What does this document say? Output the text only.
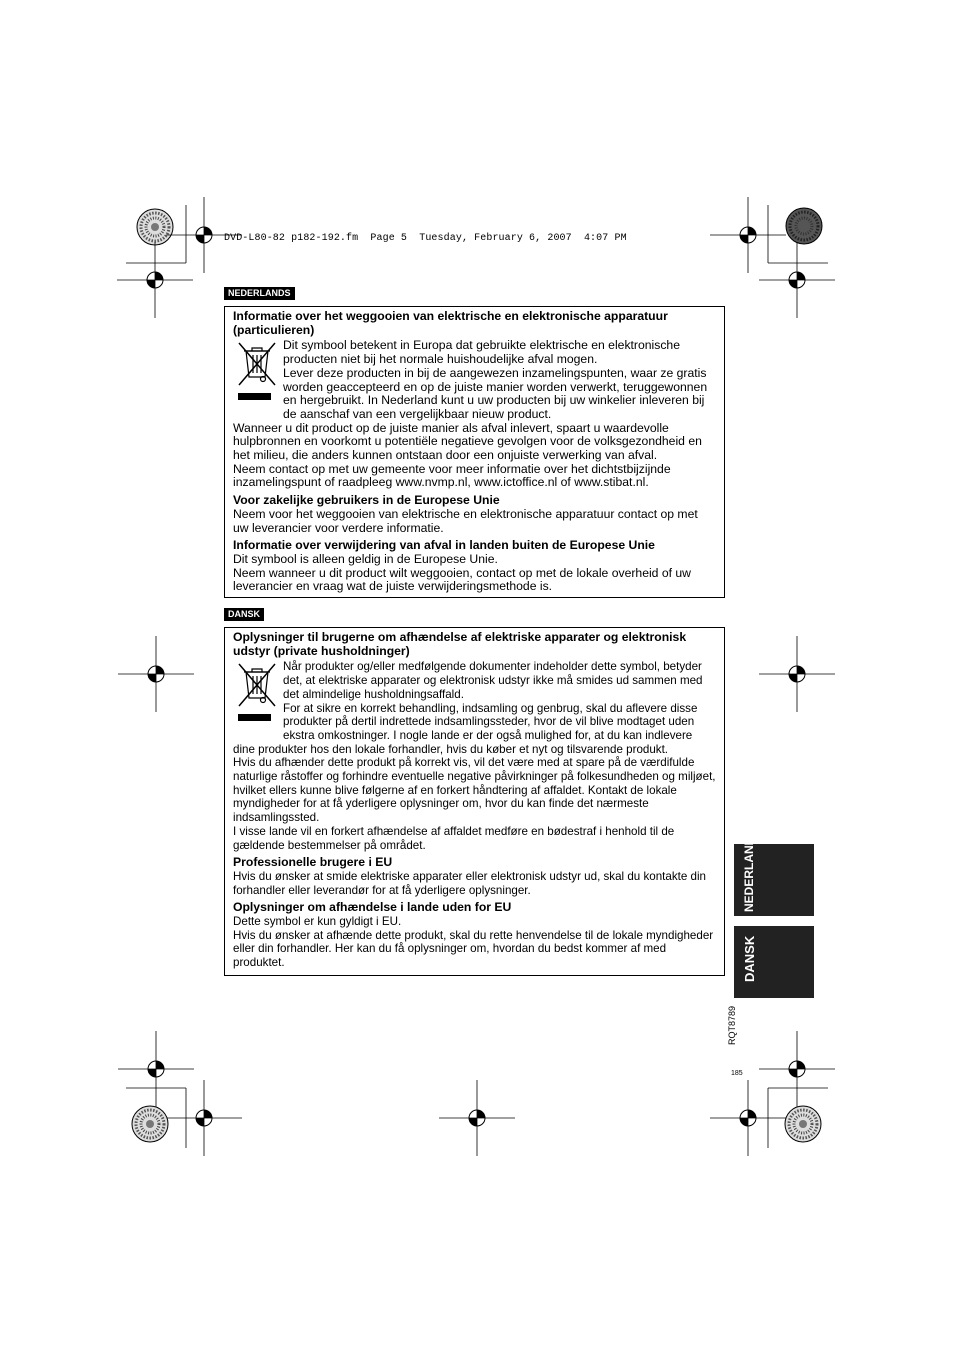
DVD-L80-82 p182-192.fm  Page 5  Tuesday, February 6, 2007  4:07 PM
NEDERLANDS
Informatie over het weggooien van elektrische en elektronische apparatuur (particulieren)

Dit symbool betekent in Europa dat gebruikte elektrische en elektronische producten niet bij het normale huishoudelijke afval mogen.

Lever deze producten in bij de aangewezen inzamelingspunten, waar ze gratis worden geaccepteerd en op de juiste manier worden verwerkt, teruggewonnen en hergebruikt. In Nederland kunt u uw producten bij uw winkelier inleveren bij de aanschaf van een vergelijkbaar nieuw product.

Wanneer u dit product op de juiste manier als afval inlevert, spaart u waardevolle hulpbronnen en voorkomt u potentiële negatieve gevolgen voor de volksgezondheid en het milieu, die anders kunnen ontstaan door een onjuiste verwerking van afval.

Neem contact op met uw gemeente voor meer informatie over het dichtstbijzijnde inzamelingspunt of raadpleeg www.nvmp.nl, www.ictoffice.nl of www.stibat.nl.

Voor zakelijke gebruikers in de Europese Unie

Neem voor het weggooien van elektrische en elektronische apparatuur contact op met uw leverancier voor verdere informatie.

Informatie over verwijdering van afval in landen buiten de Europese Unie

Dit symbool is alleen geldig in de Europese Unie.

Neem wanneer u dit product wilt weggooien, contact op met de lokale overheid of uw leverancier en vraag wat de juiste verwijderingsmethode is.

DANSK
Oplysninger til brugerne om afhændelse af elektriske apparater og elektronisk udstyr (private husholdninger)

Når produkter og/eller medfølgende dokumenter indeholder dette symbol, betyder det, at elektriske apparater og elektronisk udstyr ikke må smides ud sammen med det almindelige husholdningsaffald.

For at sikre en korrekt behandling, indsamling og genbrug, skal du aflevere disse produkter på dertil indrettede indsamlingssteder, hvor de vil blive modtaget uden ekstra omkostninger. I nogle lande er der også mulighed for, at du kan indlevere dine produkter hos den lokale forhandler, hvis du køber et nyt og tilsvarende produkt.

Hvis du afhænder dette produkt på korrekt vis, vil det være med at spare på de værdifulde naturlige råstoffer og forhindre eventuelle negative påvirkninger på folkesundheden og miljøet, hvilket ellers kunne blive følgerne af en forkert håndtering af affaldet. Kontakt de lokale myndigheder for at få yderligere oplysninger om, hvor du kan finde det nærmeste indsamlingssted.

I visse lande vil en forkert afhændelse af affaldet medføre en bødestraf i henhold til de gældende bestemmelser på området.

Professionelle brugere i EU

Hvis du ønsker at smide elektriske apparater eller elektronisk udstyr ud, skal du kontakte din forhandler eller leverandør for at få yderligere oplysninger.

Oplysninger om afhændelse i lande uden for EU

Dette symbol er kun gyldigt i EU.

Hvis du ønsker at afhænde dette produkt, skal du rette henvendelse til de lokale myndigheder eller din forhandler. Her kan du få oplysninger om, hvordan du bedst kommer af med produktet.

NEDERLANDS
DANSK
RQT8789
185
